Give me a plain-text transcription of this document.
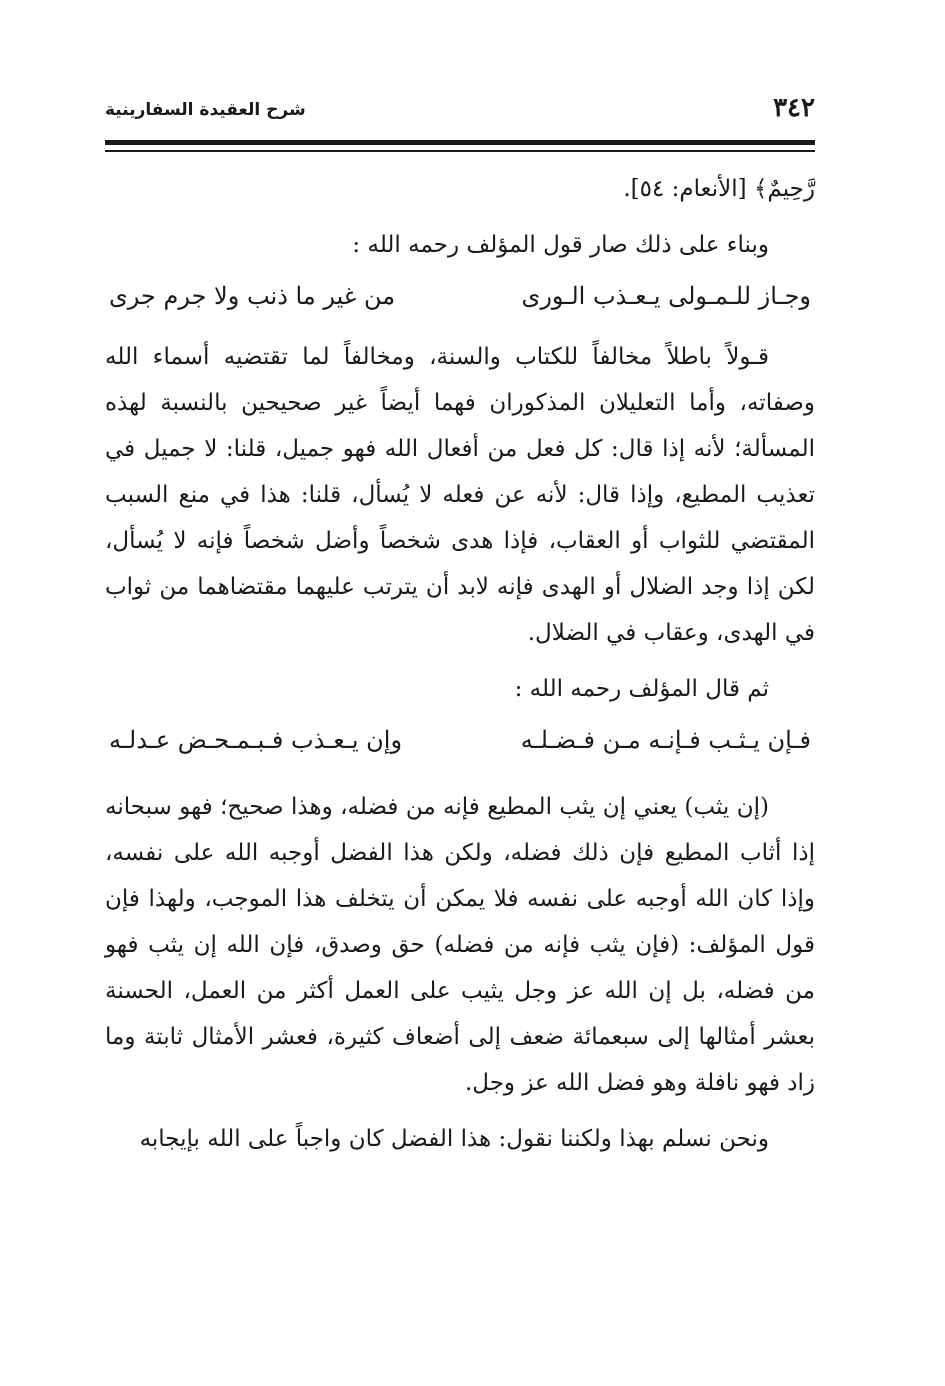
٣٤٢
شرح العقيدة السفارينية

رَّحِيمٌ﴾ [الأنعام: ٥٤].

وبناء على ذلك صار قول المؤلف رحمه الله :

وجـاز للـمـولى يـعـذب الـورى
من غير ما ذنب ولا جرم جرى

قـولاً باطلاً مخالفاً للكتاب والسنة، ومخالفاً لما تقتضيه أسماء الله وصفاته، وأما التعليلان المذكوران فهما أيضاً غير صحيحين بالنسبة لهذه المسألة؛ لأنه إذا قال: كل فعل من أفعال الله فهو جميل، قلنا: لا جميل في تعذيب المطيع، وإذا قال: لأنه عن فعله لا يُسأل، قلنا: هذا في منع السبب المقتضي للثواب أو العقاب، فإذا هدى شخصاً وأضل شخصاً فإنه لا يُسأل، لكن إذا وجد الضلال أو الهدى فإنه لابد أن يترتب عليهما مقتضاهما من ثواب في الهدى، وعقاب في الضلال.

ثم قال المؤلف رحمه الله :

فـإن يـثـب فـإنـه مـن فـضـلـه
وإن يـعـذب فـبـمـحـض عـدلـه

(إن يثب) يعني إن يثب المطيع فإنه من فضله، وهذا صحيح؛ فهو سبحانه إذا أثاب المطيع فإن ذلك فضله، ولكن هذا الفضل أوجبه الله على نفسه، وإذا كان الله أوجبه على نفسه فلا يمكن أن يتخلف هذا الموجب، ولهذا فإن قول المؤلف: (فإن يثب فإنه من فضله) حق وصدق، فإن الله إن يثب فهو من فضله، بل إن الله عز وجل يثيب على العمل أكثر من العمل، الحسنة بعشر أمثالها إلى سبعمائة ضعف إلى أضعاف كثيرة، فعشر الأمثال ثابتة وما زاد فهو نافلة وهو فضل الله عز وجل.

ونحن نسلم بهذا ولكننا نقول: هذا الفضل كان واجباً على الله بإيجابه
